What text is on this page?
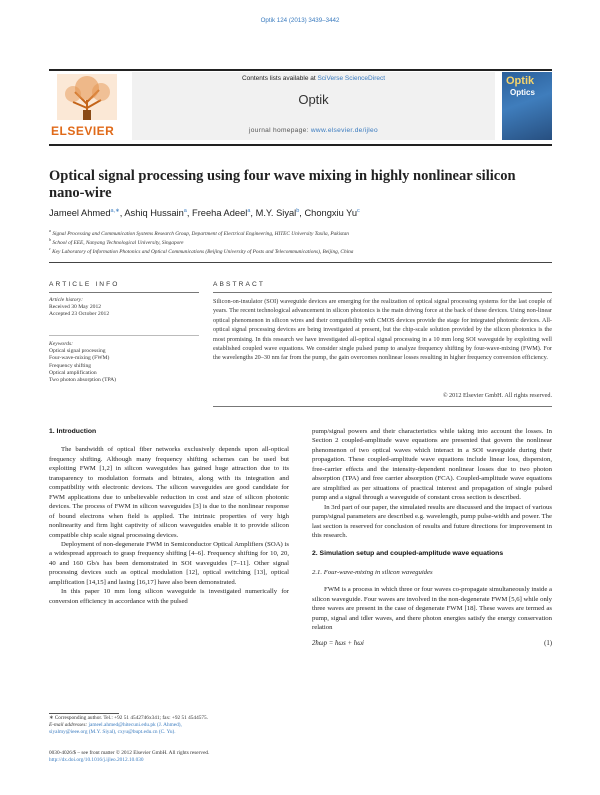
Optik 124 (2013) 3439–3442
ELSEVIER
Contents lists available at SciVerse ScienceDirect
Optik
journal homepage: www.elsevier.de/ijleo
Optik
Optics
Optical signal processing using four wave mixing in highly nonlinear silicon nano-wire
Jameel Ahmed$^{a,∗}$, Ashiq Hussain$^a$, Freeha Adeel$^a$, M.Y. Siyal$^b$, Chongxiu Yu$^c$
$^a$ Signal Processing and Communication Systems Research Group, Department of Electrical Engineering, HITEC University Taxila, Pakistan
$^b$ School of EEE, Nanyang Technological University, Singapore
$^c$ Key Laboratory of Information Photonics and Optical Communications (Beijing University of Posts and Telecommunications), Beijing, China
ARTICLE INFO	ABSTRACT
Article history:
Received 30 May 2012
Accepted 23 October 2012
Keywords:
Optical signal processing
Four-wave-mixing (FWM)
Frequency shifting
Optical amplification
Two photon absorption (TPA)
Silicon-on-insulator (SOI) waveguide devices are emerging for the realization of optical signal processing systems for the last couple of years. The recent technological advancement in silicon photonics is the main driving force at the back of these devices. Using non-linear optical phenomenon in silicon wires and their compatibility with CMOS devices provide the stage for integrated photonic devices. All-optical signal processing devices are being investigated at present, but the chip-scale solution provided by the silicon photonics is the most promising. In this research we have investigated all-optical signal processing in a 10 mm long SOI waveguide by exploiting well established coupled wave equations. We consider single pulsed pump to analyze frequency shifting by four-wave-mixing (FWM). For the wavelengths 20–30 nm far from the pump, the gain overcomes nonlinear losses resulting in higher frequency conversion efficiency.
© 2012 Elsevier GmbH. All rights reserved.
1. Introduction

The bandwidth of optical fiber networks exclusively depends upon all-optical frequency shifting. Although many frequency shifting schemes can be used but exploiting FWM [1,2] in silicon waveguides has gained huge attraction due to its transparency to modulation formats and bitrates, along with its integration and compatibility with electronic devices. The silicon waveguides are good candidate for FWM applications due to unbelievable reduction in cost and size of silicon photonic devices. The process of FWM in silicon waveguides [3] is due to the nonlinear response of bound electrons when field is applied. The intrinsic properties of very high nonlinearity and firm light captivity of silicon waveguides enable it to provide silicon compatible chip scale signal processing devices.

Deployment of non-degenerate FWM in Semiconductor Optical Amplifiers (SOA) is a widespread approach to grasp frequency shifting [4–6]. Frequency shifting for 10, 20, 40 and 160 Gb/s has been demonstrated in SOI waveguides [7–11]. Other signal processing devices such as optical modulation [12], optical switching [13], optical amplification [14,15] and lasing [16,17] have also been demonstrated.

In this paper 10 mm long silicon waveguide is investigated numerically for conversion efficiency in accordance with the pulsed

pump/signal powers and their characteristics while taking into account the losses. In Section 2 coupled-amplitude wave equations are presented that govern the nonlinear phenomenon of two optical waves which interact in a SOI waveguide during their propagation. These coupled-amplitude wave equations include linear loss, dispersion, free-carrier effects and the intensity-dependent nonlinear losses due to two photon absorption (TPA) and free carrier absorption (FCA). Coupled-amplitude wave equations are simplified as per situations of practical interest and propagation of single pulsed pump and a signal through a waveguide of constant cross section is described.

In 3rd part of our paper, the simulated results are discussed and the impact of various pump/signal parameters are described e.g. wavelength, pump pulse-width and power. The last section is reserved for conclusion of results and future directions for improvement in this research.

2. Simulation setup and coupled-amplitude wave equations
2.1. Four-wave-mixing in silicon waveguides

FWM is a process in which three or four waves co-propagate simultaneously inside a silicon waveguide. Four waves are involved in the non-degenerate FWM [5,6] while only three waves are present in the case of degenerate FWM [18]. These waves are termed as pump, signal and idler waves, and there photon energies satisfy the energy conservation relation

2ħωp = ħωs + ħωi	(1)
∗ Corresponding author. Tel.: +92 51 4542746x341; fax: +92 51 4544575.
E-mail addresses: jameel.ahmed@hitecuni.edu.pk (J. Ahmed),
siyalmy@ieee.org (M.Y. Siyal), cxyu@bupt.edu.cn (C. Yu).
0030-4026/$ – see front matter © 2012 Elsevier GmbH. All rights reserved.
http://dx.doi.org/10.1016/j.ijleo.2012.10.030
